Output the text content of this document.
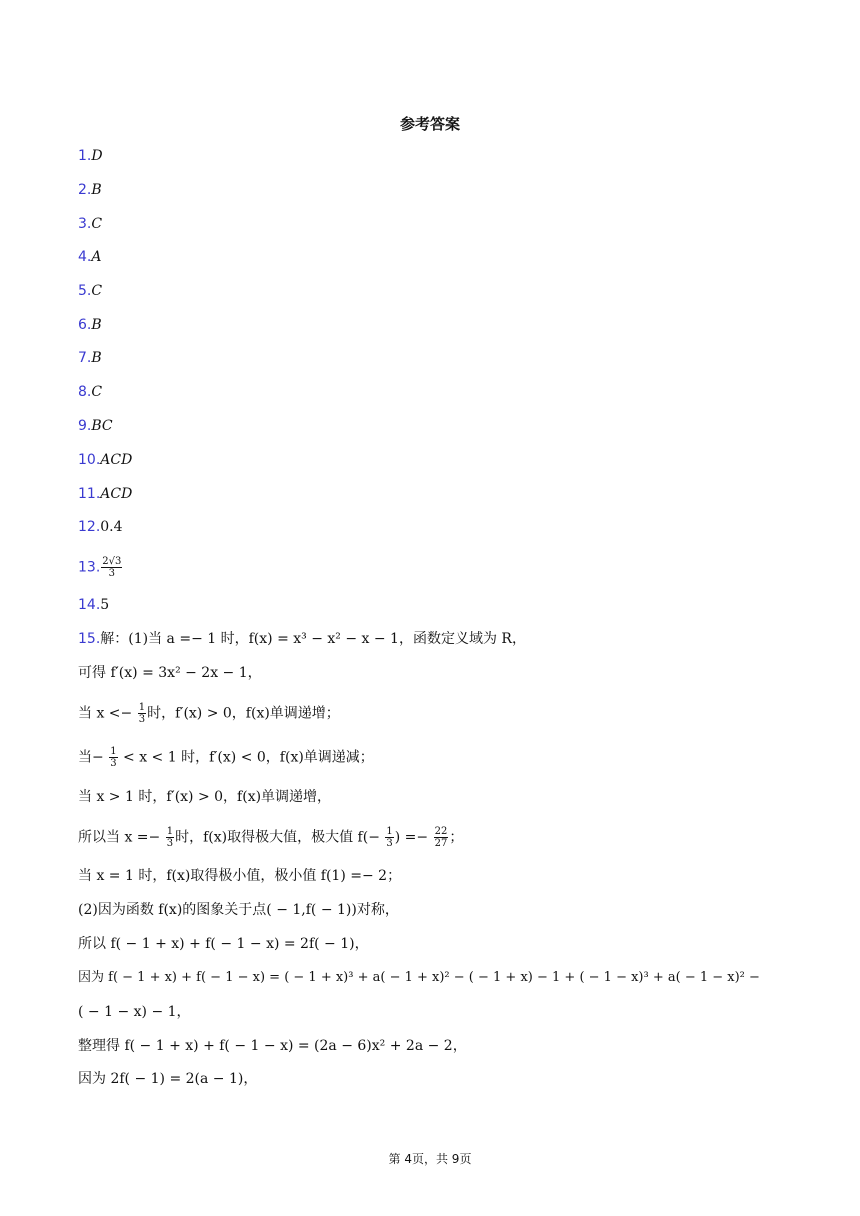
参考答案
1.D
2.B
3.C
4.A
5.C
6.B
7.B
8.C
9.BC
10.ACD
11.ACD
12.0.4
13. $\frac{2√3}{3}$
14.5
15.解：(1)当 a =− 1 时，f(x) = x³ − x² − x − 1，函数定义域为 R，
可得 f′(x) = 3x² − 2x − 1，
当 $x <- \frac{1}{3}$ 时，f′(x) > 0，f(x)单调递增；
当− $\frac{1}{3} < x < 1$ 时，f′(x) < 0，f(x)单调递减；
当 x > 1 时，f′(x) > 0，f(x)单调递增，
所以当 $x =- \frac{1}{3}$ 时，f(x)取得极大值，极大值 $f(- \frac{1}{3}$ ) =− $\frac{22}{27}$ ；
当 x = 1 时，f(x)取得极小值，极小值 f(1) =− 2；
(2)因为函数 f(x)的图象关于点( − 1,f( − 1))对称，
所以 f( − 1 + x) + f( − 1 − x) = 2f( − 1)，
因为 f( − 1 + x) + f( − 1 − x) = ( − 1 + x)³ + a( − 1 + x)² − ( − 1 + x) − 1 + ( − 1 − x)³ + a( − 1 − x)² −
( − 1 − x) − 1，
整理得 f( − 1 + x) + f( − 1 − x) = (2a − 6)x² + 2a − 2，
因为 2f( − 1) = 2(a − 1)，
第 4页，共 9页
